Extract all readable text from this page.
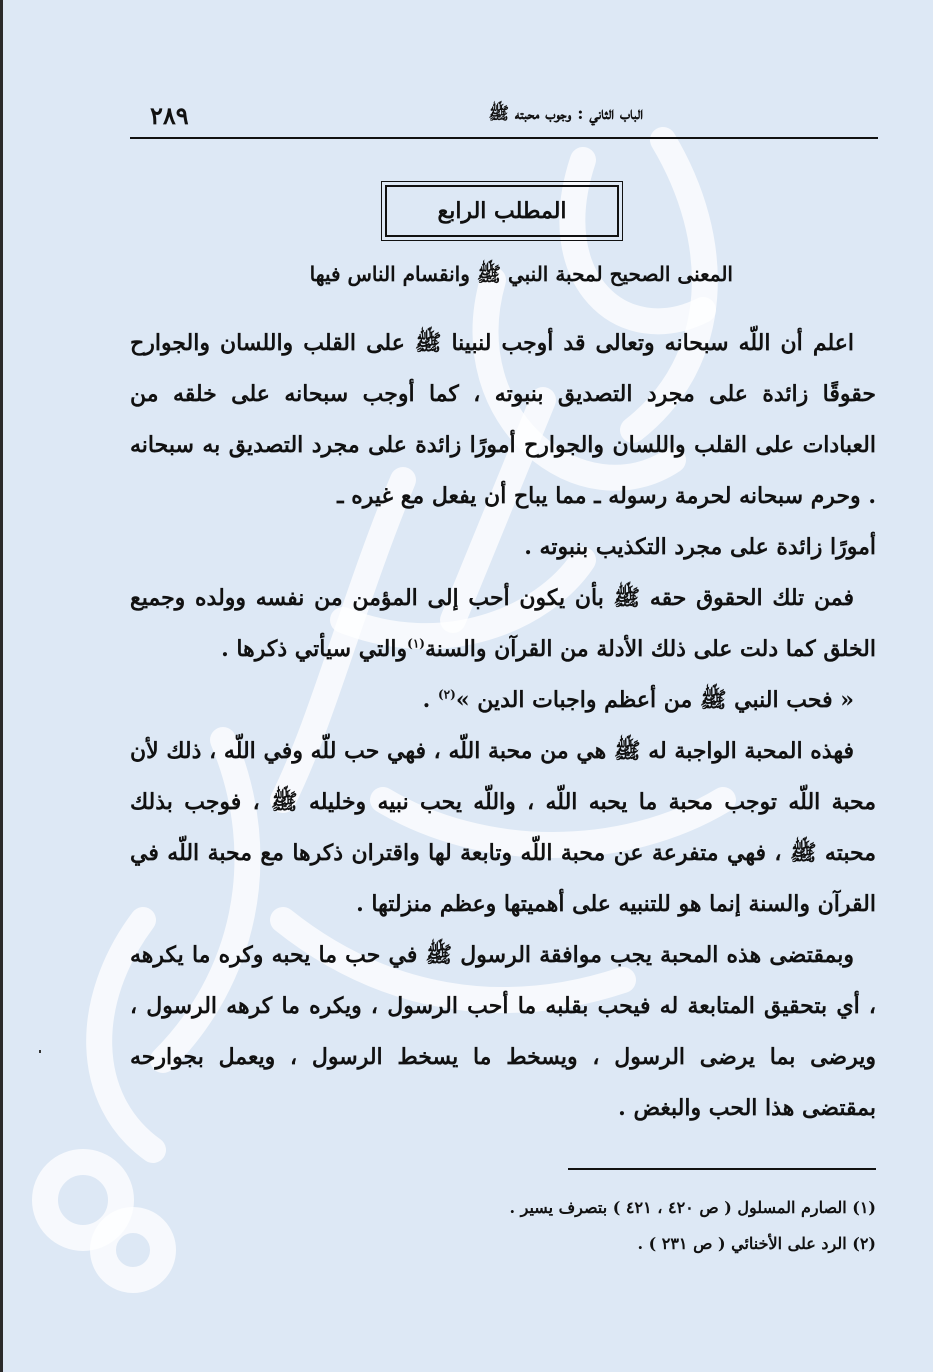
٢٨٩	الباب الثاني : وجوب محبته ﷺ
المطلب الرابع
المعنى الصحيح لمحبة النبي ﷺ وانقسام الناس فيها

اعلم أن اللّه سبحانه وتعالى قد أوجب لنبينا ﷺ على القلب واللسان والجوارح حقوقًا زائدة على مجرد التصديق بنبوته ، كما أوجب سبحانه على خلقه من العبادات على القلب واللسان والجوارح أمورًا زائدة على مجرد التصديق به سبحانه . وحرم سبحانه لحرمة رسوله ـ مما يباح أن يفعل مع غيره ـ

أمورًا زائدة على مجرد التكذيب بنبوته .

فمن تلك الحقوق حقه ﷺ بأن يكون أحب إلى المؤمن من نفسه وولده وجميع الخلق كما دلت على ذلك الأدلة من القرآن والسنة$^{(١)}$والتي سيأتي ذكرها .

« فحب النبي ﷺ من أعظم واجبات الدين »$^{(٢)}$ .

فهذه المحبة الواجبة له ﷺ هي من محبة اللّه ، فهي حب للّه وفي اللّه ، ذلك لأن محبة اللّه توجب محبة ما يحبه اللّه ، واللّه يحب نبيه وخليله ﷺ ، فوجب بذلك محبته ﷺ ، فهي متفرعة عن محبة اللّه وتابعة لها واقتران ذكرها مع محبة اللّه في القرآن والسنة إنما هو للتنبيه على أهميتها وعظم منزلتها .

وبمقتضى هذه المحبة يجب موافقة الرسول ﷺ في حب ما يحبه وكره ما يكرهه ، أي بتحقيق المتابعة له فيحب بقلبه ما أحب الرسول ، ويكره ما كرهه الرسول ، ويرضى بما يرضى الرسول ، ويسخط ما يسخط الرسول ، ويعمل بجوارحه بمقتضى هذا الحب والبغض .

(١) الصارم المسلول ( ص ٤٢٠ ، ٤٢١ ) بتصرف يسير .
(٢) الرد على الأخنائي ( ص ٢٣١ ) .
